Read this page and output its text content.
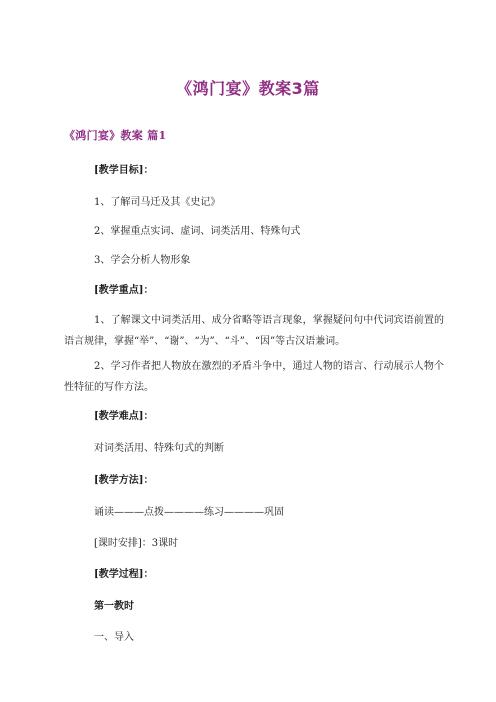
《鸿门宴》教案3篇
《鸿门宴》教案 篇1
[教学目标]：
1、了解司马迁及其《史记》
2、掌握重点实词、虚词、词类活用、特殊句式
3、学会分析人物形象
[教学重点]：
1、了解课文中词类活用、成分省略等语言现象，掌握疑问句中代词宾语前置的语言规律，掌握“举”、“谢”、“为”、“斗”、“因”等古汉语兼词。
2、学习作者把人物放在激烈的矛盾斗争中，通过人物的语言、行动展示人物个性特征的写作方法。
[教学难点]：
对词类活用、特殊句式的判断
[教学方法]：
诵读———点拨————练习————巩固
[课时安排]：3课时
[教学过程]：
第一教时
一、导入
